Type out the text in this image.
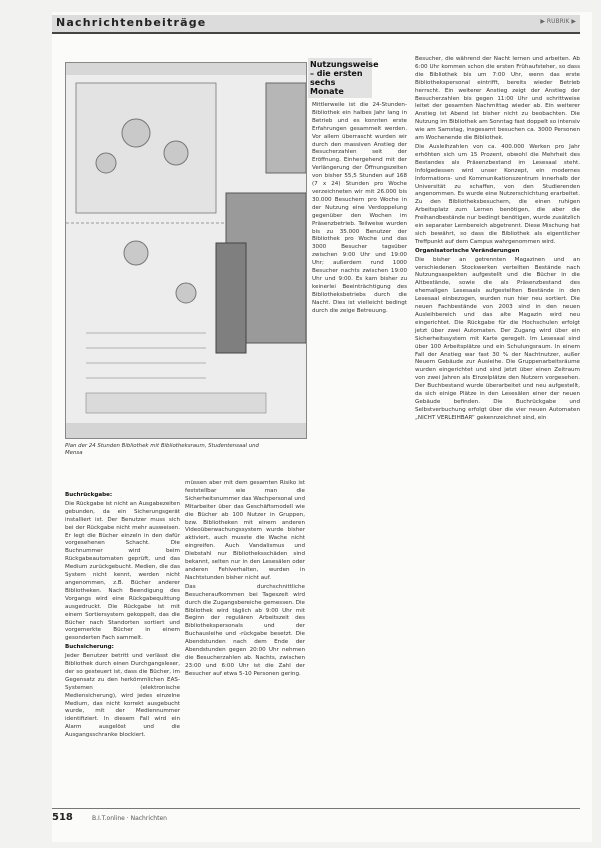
Nachrichtenbeiträge	▶ RUBRIK ▶
Plan der 24 Stunden Bibliothek mit Bibliotheksraum, Studentensaal und Mensa
Nutzungsweise – die ersten sechs Monate

Mittlerweile ist die 24-Stunden-Bibliothek ein halbes Jahr lang in Betrieb und es konnten erste Erfahrungen gesammelt werden. Vor allem überrascht wurden wir durch den massiven Anstieg der Besucherzahlen seit der Eröffnung. Einhergehend mit der Verlängerung der Öffnungszeiten von bisher 55,5 Stunden auf 168 (7 x 24) Stunden pro Woche verzeichneten wir mit 26.000 bis 30.000 Besuchern pro Woche in der Nutzung eine Verdoppelung gegenüber den Wochen im Präsenzbetrieb. Teilweise wurden bis zu 35.000 Benutzer der Bibliothek pro Woche und das 3000 Besucher tagsüber zwischen 9:00 Uhr und 19:00 Uhr; außerdem rund 1000 Besucher nachts zwischen 19:00 Uhr und 9:00. Es kam bisher zu keinerlei Beeinträchtigung des Bibliotheksbetriebs durch die Nacht. Dies ist vielleicht bedingt durch die zeige Betreuung.

Buchrückgabe:

Die Rückgabe ist nicht an Ausgabezeiten gebunden, da ein Sicherungsgerät installiert ist. Der Benutzer muss sich bei der Rückgabe nicht mehr ausweisen. Er legt die Bücher einzeln in den dafür vorgesehenen Schacht. Die Buchnummer wird beim Rückgabeautomaten geprüft, und das Medium zurückgebucht. Medien, die das System nicht kennt, werden nicht angenommen, z.B. Bücher anderer Bibliotheken. Nach Beendigung des Vorgangs wird eine Rückgabequittung ausgedruckt. Die Rückgabe ist mit einem Sortiersystem gekoppelt, das die Bücher nach Standorten sortiert und vorgemerkte Bücher in einem gesonderten Fach sammelt.

Buchsicherung:

Jeder Benutzer betritt und verlässt die Bibliothek durch einen Durchgangsleser, der so gesteuert ist, dass die Bücher, im Gegensatz zu den herkömmlichen EAS-Systemen (elektronische Mediensicherung), wird jedes einzelne Medium, das nicht korrekt ausgebucht wurde, mit der Mediennummer identifiziert. In diesem Fall wird ein Alarm ausgelöst und die Ausgangsschranke blockiert.

müssen aber mit dem gesamten Risiko ist feststellbar wie man die Sicherheitsnummer das Wachpersonal und Mitarbeiter über das Geschäftsmodell wie die Bücher ab 100 Nutzer in Gruppen, bzw. Bibliotheken mit einem anderen Videoüberwachungssystem wurde bisher aktiviert, auch musste die Wache nicht eingreifen. Auch Vandalismus und Diebstahl nur Bibliotheksschäden sind bekannt, selten nur in den Lesesälen oder anderen Fehlverhalten, wurden in Nachtstunden bisher nicht auf.

Das durchschnittliche Besucheraufkommen bei Tageszeit wird durch die Zugangsbereiche gemessen. Die Bibliothek wird täglich ab 9:00 Uhr mit Beginn der regulären Arbeitszeit des Bibliothekspersonals und der Buchausleihe und -rückgabe besetzt. Die Abendstunden nach dem Ende der Abendstunden gegen 20:00 Uhr nehmen die Besucherzahlen ab. Nachts, zwischen 23:00 und 6:00 Uhr ist die Zahl der Besucher auf etwa 5-10 Personen gering.

Besucher, die während der Nacht lernen und arbeiten. Ab 6:00 Uhr kommen schon die ersten Frühaufsteher, so dass die Bibliothek bis um 7:00 Uhr, wenn das erste Bibliothekspersonal eintrifft, bereits wieder Betrieb herrscht. Ein weiterer Anstieg zeigt der Anstieg der Besucherzahlen bis gegen 11:00 Uhr und schrittweise leitet der gesamten Nachmittag wieder ab. Ein weiterer Anstieg ist Abend ist bisher nicht zu beobachten. Die Nutzung im Bibliothek am Sonntag fast doppelt so intensiv wie am Samstag, insgesamt besuchen ca. 3000 Personen am Wochenende die Bibliothek.

Die Ausleihzahlen von ca. 400.000 Werken pro Jahr erhöhten sich um 15 Prozent, obwohl die Mehrheit des Bestandes als Präsenzbestand im Lesesaal steht. Infolgedessen wird unser Konzept, ein modernes Informations- und Kommunikationszentrum innerhalb der Universität zu schaffen, von den Studierenden angenommen. Es wurde eine Nutzerschichtung erarbeitet. Zu den Bibliotheksbesuchern, die einen ruhigen Arbeitsplatz zum Lernen benötigen, die aber die Freihandbestände nur bedingt benötigen, wurde zusätzlich ein separater Lernbereich abgetrennt. Diese Mischung hat sich bewährt, so dass die Bibliothek als eigentlicher Treffpunkt auf dem Campus wahrgenommen wird.

Organisatorische Veränderungen

Die bisher an getrennten Magazinen und an verschiedenen Stockwerken verteilten Bestände nach Nutzungsaspekten aufgestellt und die Bücher in die Altbestände, sowie die als Präsenzbestand des ehemaligen Lesesaals aufgestellten Bestände in den Lesesaal einbezogen, wurden nun hier neu sortiert. Die neuen Fachbestände von 2003 sind in den neuen Ausleihbereich und das alte Magazin wird neu eingerichtet. Die Rückgabe für die Hochschulen erfolgt jetzt über zwei Automaten. Der Zugang wird über ein Sicherheitssystem mit Karte geregelt. Im Lesesaal sind über 100 Arbeitsplätze und ein Schulungsraum. In einem Fall der Anstieg war fast 30 % der Nachtnutzer, außer Neuem Gebäude zur Ausleihe. Die Gruppenarbeitsräume wurden eingerichtet und sind jetzt über einen Zeitraum von zwei Jahren als Einzelplätze den Nutzern vorgesehen. Der Buchbestand wurde überarbeitet und neu aufgestellt, da sich einige Plätze in den Lesesälen einer der neuen Gebäude befinden. Die Buchrückgabe und Selbstverbuchung erfolgt über die vier neuen Automaten „NICHT VERLEIHBAR“ gekennzeichnet sind, ein

518	B.I.T.online · Nachrichten
